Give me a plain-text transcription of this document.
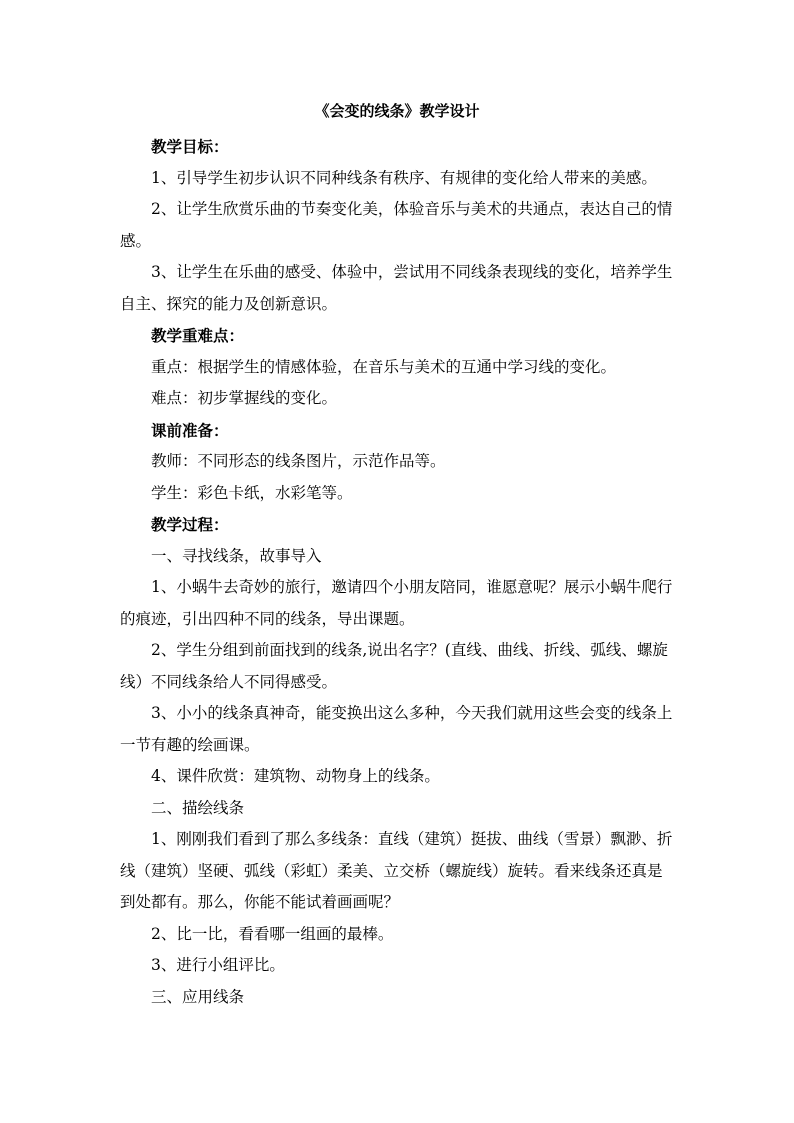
《会变的线条》教学设计

教学目标：

1、引导学生初步认识不同种线条有秩序、有规律的变化给人带来的美感。

2、让学生欣赏乐曲的节奏变化美，体验音乐与美术的共通点，表达自己的情感。

3、让学生在乐曲的感受、体验中，尝试用不同线条表现线的变化，培养学生自主、探究的能力及创新意识。

教学重难点：

重点：根据学生的情感体验，在音乐与美术的互通中学习线的变化。

难点：初步掌握线的变化。

课前准备：

教师：不同形态的线条图片，示范作品等。

学生：彩色卡纸，水彩笔等。

教学过程：

一、寻找线条，故事导入

1、小蜗牛去奇妙的旅行，邀请四个小朋友陪同，谁愿意呢？展示小蜗牛爬行的痕迹，引出四种不同的线条，导出课题。

2、学生分组到前面找到的线条,说出名字？(直线、曲线、折线、弧线、螺旋线）不同线条给人不同得感受。

3、小小的线条真神奇，能变换出这么多种，今天我们就用这些会变的线条上一节有趣的绘画课。

4、课件欣赏：建筑物、动物身上的线条。

二、描绘线条

1、刚刚我们看到了那么多线条：直线（建筑）挺拔、曲线（雪景）飘渺、折线（建筑）坚硬、弧线（彩虹）柔美、立交桥（螺旋线）旋转。看来线条还真是到处都有。那么，你能不能试着画画呢？

2、比一比，看看哪一组画的最棒。

3、进行小组评比。

三、应用线条
